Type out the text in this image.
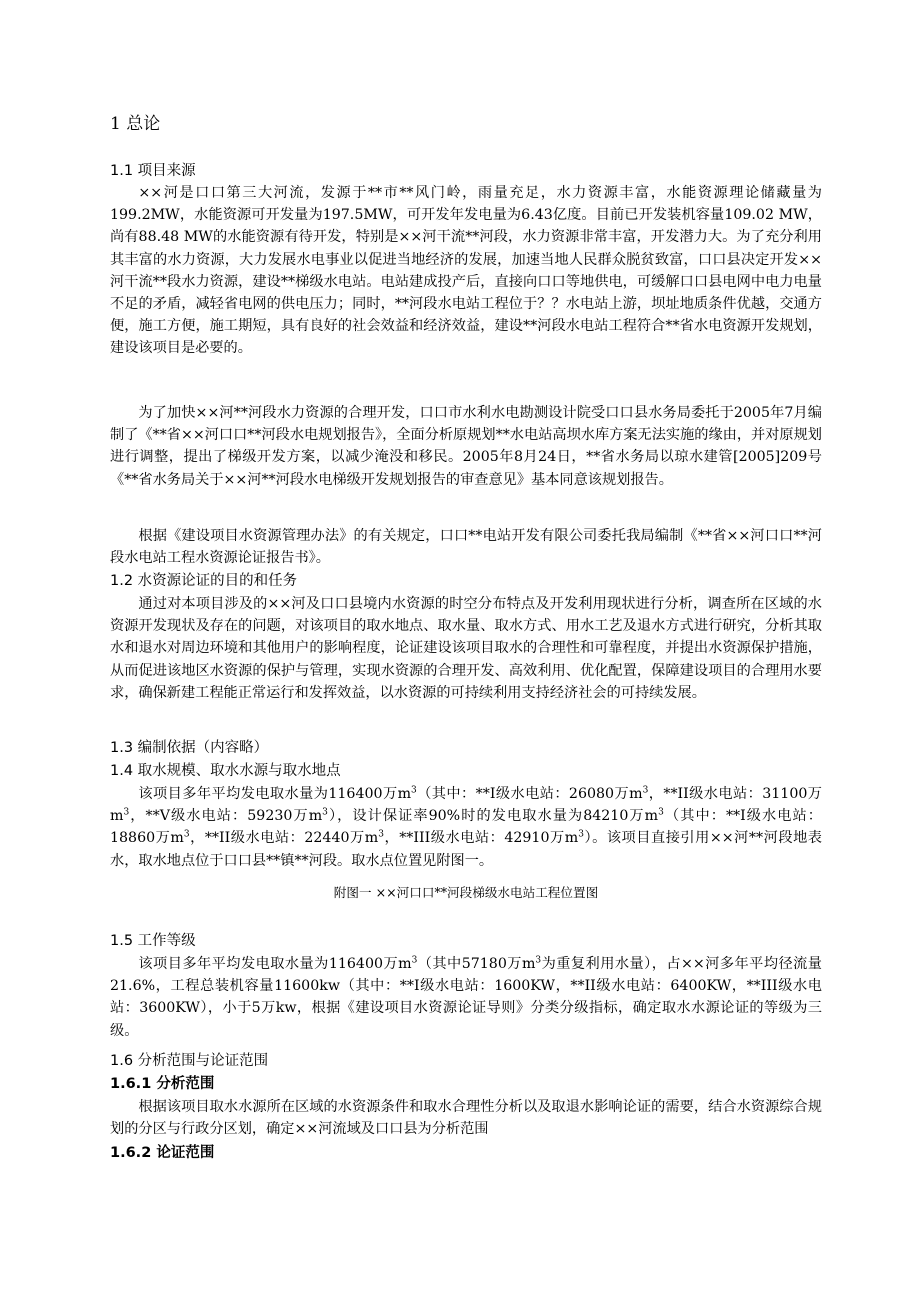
1 总论

1.1 项目来源

××河是口口第三大河流，发源于**市**风门岭，雨量充足，水力资源丰富，水能资源理论储藏量为199.2MW，水能资源可开发量为197.5MW，可开发年发电量为6.43亿度。目前已开发装机容量109.02 MW，尚有88.48 MW的水能资源有待开发，特别是××河干流**河段，水力资源非常丰富，开发潜力大。为了充分利用其丰富的水力资源，大力发展水电事业以促进当地经济的发展，加速当地人民群众脱贫致富，口口县决定开发××河干流**段水力资源，建设**梯级水电站。电站建成投产后，直接向口口等地供电，可缓解口口县电网中电力电量不足的矛盾，减轻省电网的供电压力；同时，**河段水电站工程位于？？水电站上游，坝址地质条件优越，交通方便，施工方便，施工期短，具有良好的社会效益和经济效益，建设**河段水电站工程符合**省水电资源开发规划，建设该项目是必要的。

为了加快××河**河段水力资源的合理开发，口口市水利水电勘测设计院受口口县水务局委托于2005年7月编制了《**省××河口口**河段水电规划报告》，全面分析原规划**水电站高坝水库方案无法实施的缘由，并对原规划进行调整，提出了梯级开发方案，以减少淹没和移民。2005年8月24日，**省水务局以琼水建管[2005]209号《**省水务局关于××河**河段水电梯级开发规划报告的审查意见》基本同意该规划报告。

根据《建设项目水资源管理办法》的有关规定，口口**电站开发有限公司委托我局编制《**省××河口口**河段水电站工程水资源论证报告书》。

1.2 水资源论证的目的和任务

通过对本项目涉及的××河及口口县境内水资源的时空分布特点及开发利用现状进行分析，调查所在区域的水资源开发现状及存在的问题，对该项目的取水地点、取水量、取水方式、用水工艺及退水方式进行研究，分析其取水和退水对周边环境和其他用户的影响程度，论证建设该项目取水的合理性和可靠程度，并提出水资源保护措施，从而促进该地区水资源的保护与管理，实现水资源的合理开发、高效利用、优化配置，保障建设项目的合理用水要求，确保新建工程能正常运行和发挥效益，以水资源的可持续利用支持经济社会的可持续发展。

1.3 编制依据（内容略）

1.4 取水规模、取水水源与取水地点

该项目多年平均发电取水量为116400万$m^3$（其中：**I级水电站：26080万$m^3$，**II级水电站：31100万$m^3$，**V级水电站：59230万$m^3$），设计保证率90%时的发电取水量为84210万$m^3$（其中：**I级水电站：18860万$m^3$，**II级水电站：22440万$m^3$，**III级水电站：42910万$m^3$）。该项目直接引用××河**河段地表水，取水地点位于口口县**镇**河段。取水点位置见附图一。

附图一 ××河口口**河段梯级水电站工程位置图

1.5 工作等级

该项目多年平均发电取水量为116400万$m^3$（其中57180万$m^3$为重复利用水量），占××河多年平均径流量21.6%，工程总装机容量11600kw（其中：**I级水电站：1600KW，**II级水电站：6400KW，**III级水电站：3600KW），小于5万kw，根据《建设项目水资源论证导则》分类分级指标，确定取水水源论证的等级为三级。

1.6 分析范围与论证范围

1.6.1 分析范围

根据该项目取水水源所在区域的水资源条件和取水合理性分析以及取退水影响论证的需要，结合水资源综合规划的分区与行政分区划，确定××河流域及口口县为分析范围

1.6.2 论证范围
